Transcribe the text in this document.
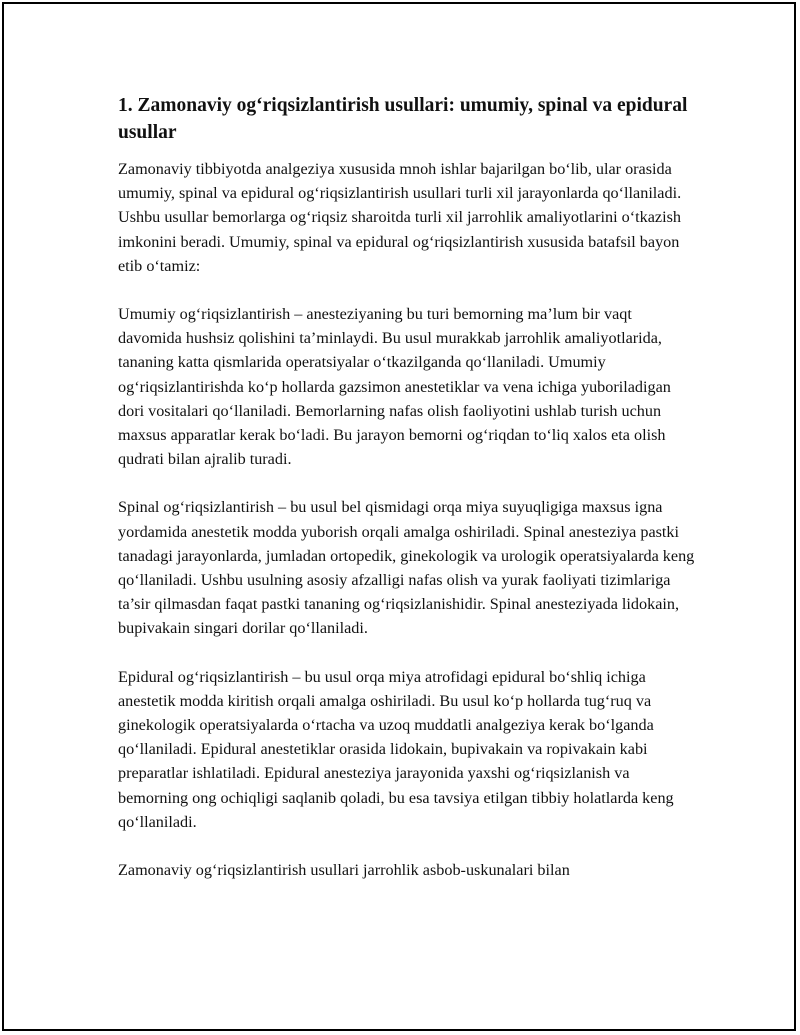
1. Zamonaviy og‘riqsizlantirish usullari: umumiy, spinal va epidural usullar

Zamonaviy tibbiyotda analgeziya xususida mnoh ishlar bajarilgan bo‘lib, ular orasida umumiy, spinal va epidural og‘riqsizlantirish usullari turli xil jarayonlarda qo‘llaniladi. Ushbu usullar bemorlarga og‘riqsiz sharoitda turli xil jarrohlik amaliyotlarini o‘tkazish imkonini beradi. Umumiy, spinal va epidural og‘riqsizlantirish xususida batafsil bayon etib o‘tamiz:

Umumiy og‘riqsizlantirish – anesteziyaning bu turi bemorning ma’lum bir vaqt davomida hushsiz qolishini ta’minlaydi. Bu usul murakkab jarrohlik amaliyotlarida, tananing katta qismlarida operatsiyalar o‘tkazilganda qo‘llaniladi. Umumiy og‘riqsizlantirishda ko‘p hollarda gazsimon anestetiklar va vena ichiga yuboriladigan dori vositalari qo‘llaniladi. Bemorlarning nafas olish faoliyotini ushlab turish uchun maxsus apparatlar kerak bo‘ladi. Bu jarayon bemorni og‘riqdan to‘liq xalos eta olish qudrati bilan ajralib turadi.

Spinal og‘riqsizlantirish – bu usul bel qismidagi orqa miya suyuqligiga maxsus igna yordamida anestetik modda yuborish orqali amalga oshiriladi. Spinal anesteziya pastki tanadagi jarayonlarda, jumladan ortopedik, ginekologik va urologik operatsiyalarda keng qo‘llaniladi. Ushbu usulning asosiy afzalligi nafas olish va yurak faoliyati tizimlariga ta’sir qilmasdan faqat pastki tananing og‘riqsizlanishidir. Spinal anesteziyada lidokain, bupivakain singari dorilar qo‘llaniladi.

Epidural og‘riqsizlantirish – bu usul orqa miya atrofidagi epidural bo‘shliq ichiga anestetik modda kiritish orqali amalga oshiriladi. Bu usul ko‘p hollarda tug‘ruq va ginekologik operatsiyalarda o‘rtacha va uzoq muddatli analgeziya kerak bo‘lganda qo‘llaniladi. Epidural anestetiklar orasida lidokain, bupivakain va ropivakain kabi preparatlar ishlatiladi. Epidural anesteziya jarayonida yaxshi og‘riqsizlanish va bemorning ong ochiqligi saqlanib qoladi, bu esa tavsiya etilgan tibbiy holatlarda keng qo‘llaniladi.

Zamonaviy og‘riqsizlantirish usullari jarrohlik asbob-uskunalari bilan
